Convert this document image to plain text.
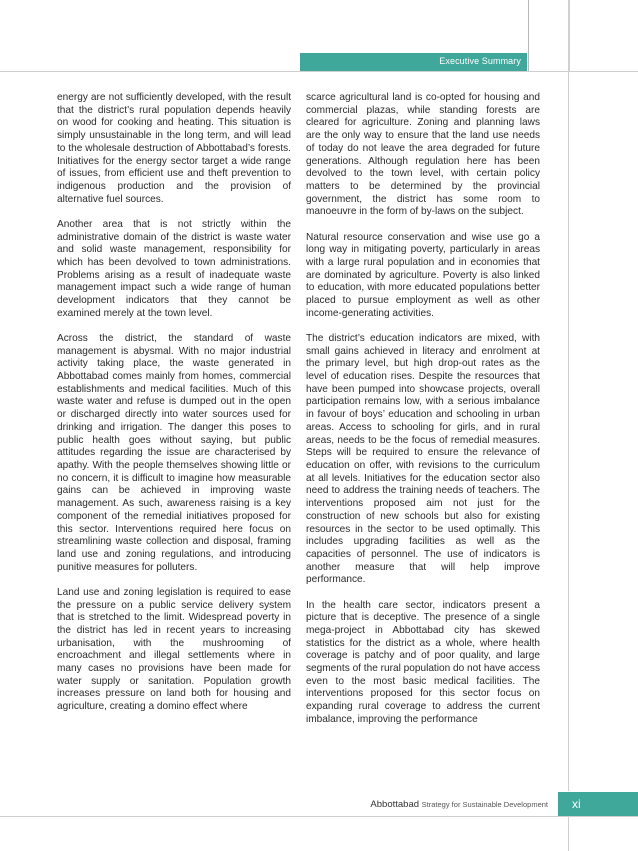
Executive Summary

energy are not sufficiently developed, with the result that the district’s rural population depends heavily on wood for cooking and heating. This situation is simply unsustainable in the long term, and will lead to the wholesale destruction of Abbottabad’s forests. Initiatives for the energy sector target a wide range of issues, from efficient use and theft prevention to indigenous production and the provision of alternative fuel sources.

Another area that is not strictly within the administrative domain of the district is waste water and solid waste management, responsibility for which has been devolved to town administrations. Problems arising as a result of inadequate waste management impact such a wide range of human development indicators that they cannot be examined merely at the town level.

Across the district, the standard of waste management is abysmal. With no major industrial activity taking place, the waste generated in Abbottabad comes mainly from homes, commercial establishments and medical facilities. Much of this waste water and refuse is dumped out in the open or discharged directly into water sources used for drinking and irrigation. The danger this poses to public health goes without saying, but public attitudes regarding the issue are characterised by apathy. With the people themselves showing little or no concern, it is difficult to imagine how measurable gains can be achieved in improving waste management. As such, awareness raising is a key component of the remedial initiatives proposed for this sector. Interventions required here focus on streamlining waste collection and disposal, framing land use and zoning regulations, and introducing punitive measures for polluters.

Land use and zoning legislation is required to ease the pressure on a public service delivery system that is stretched to the limit. Widespread poverty in the district has led in recent years to increasing urbanisation, with the mushrooming of encroachment and illegal settlements where in many cases no provisions have been made for water supply or sanitation. Population growth increases pressure on land both for housing and agriculture, creating a domino effect where

scarce agricultural land is co-opted for housing and commercial plazas, while standing forests are cleared for agriculture. Zoning and planning laws are the only way to ensure that the land use needs of today do not leave the area degraded for future generations. Although regulation here has been devolved to the town level, with certain policy matters to be determined by the provincial government, the district has some room to manoeuvre in the form of by-laws on the subject.

Natural resource conservation and wise use go a long way in mitigating poverty, particularly in areas with a large rural population and in economies that are dominated by agriculture. Poverty is also linked to education, with more educated populations better placed to pursue employment as well as other income-generating activities.

The district’s education indicators are mixed, with small gains achieved in literacy and enrolment at the primary level, but high drop-out rates as the level of education rises. Despite the resources that have been pumped into showcase projects, overall participation remains low, with a serious imbalance in favour of boys’ education and schooling in urban areas. Access to schooling for girls, and in rural areas, needs to be the focus of remedial measures. Steps will be required to ensure the relevance of education on offer, with revisions to the curriculum at all levels. Initiatives for the education sector also need to address the training needs of teachers. The interventions proposed aim not just for the construction of new schools but also for existing resources in the sector to be used optimally. This includes upgrading facilities as well as the capacities of personnel. The use of indicators is another measure that will help improve performance.

In the health care sector, indicators present a picture that is deceptive. The presence of a single mega-project in Abbottabad city has skewed statistics for the district as a whole, where health coverage is patchy and of poor quality, and large segments of the rural population do not have access even to the most basic medical facilities. The interventions proposed for this sector focus on expanding rural coverage to address the current imbalance, improving the performance

Abbottabad Strategy for Sustainable Development xi
